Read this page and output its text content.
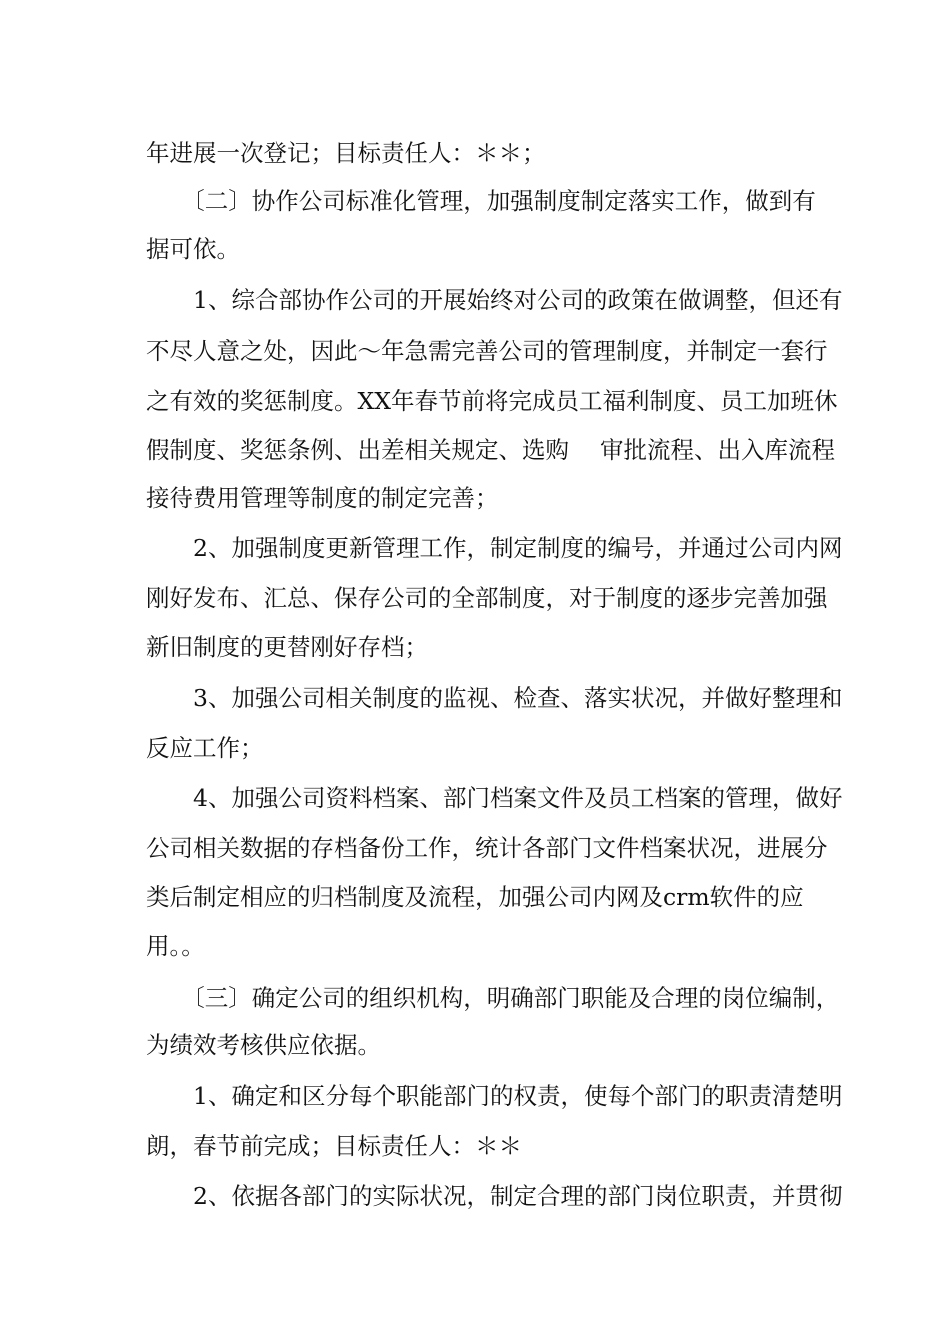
年进展一次登记；目标责任人：＊＊；

　　〔二〕协作公司标准化管理，加强制度制定落实工作，做到有

据可依。

　　1、综合部协作公司的开展始终对公司的政策在做调整，但还有

不尽人意之处，因此～年急需完善公司的管理制度，并制定一套行

之有效的奖惩制度。XX年春节前将完成员工福利制度、员工加班休

假制度、奖惩条例、出差相关规定、选购　 审批流程、出入库流程

接待费用管理等制度的制定完善；

　　2、加强制度更新管理工作，制定制度的编号，并通过公司内网

刚好发布、汇总、保存公司的全部制度，对于制度的逐步完善加强

新旧制度的更替刚好存档；

　　3、加强公司相关制度的监视、检查、落实状况，并做好整理和

反应工作；

　　4、加强公司资料档案、部门档案文件及员工档案的管理，做好

公司相关数据的存档备份工作，统计各部门文件档案状况，进展分

类后制定相应的归档制度及流程，加强公司内网及crm软件的应

用。。

　　〔三〕确定公司的组织机构，明确部门职能及合理的岗位编制，

为绩效考核供应依据。

　　1、确定和区分每个职能部门的权责，使每个部门的职责清楚明

朗，春节前完成；目标责任人：＊＊

　　2、依据各部门的实际状况，制定合理的部门岗位职责，并贯彻
